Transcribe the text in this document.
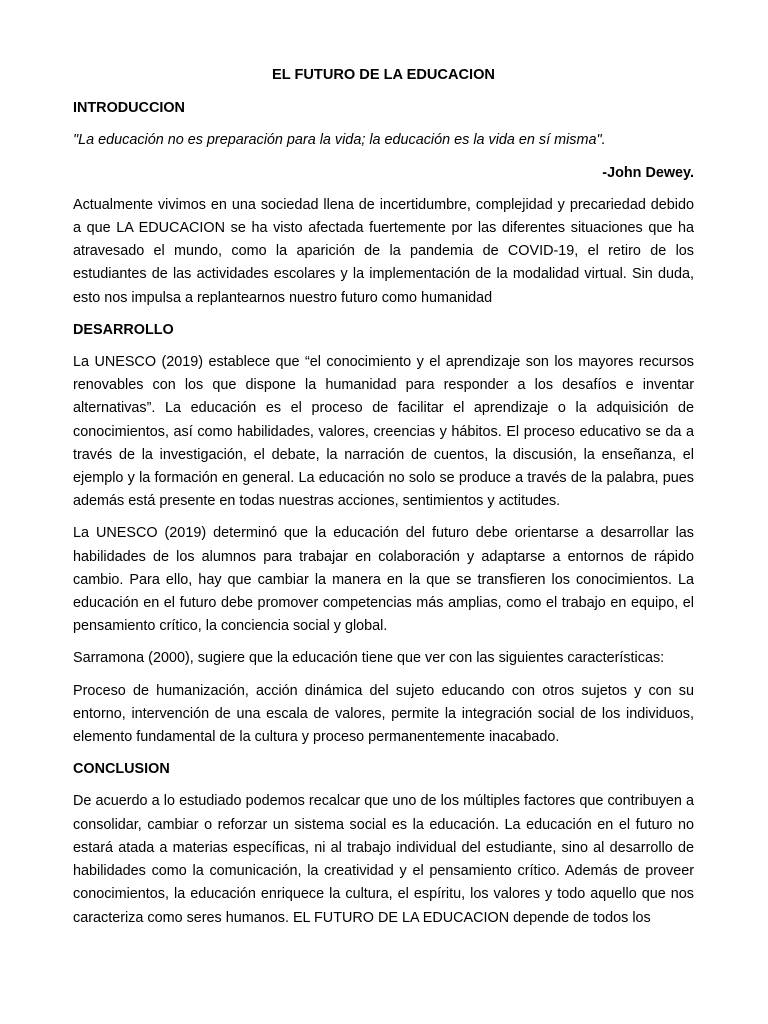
EL FUTURO DE LA EDUCACION
INTRODUCCION
"La educación no es preparación para la vida; la educación es la vida en sí misma".
-John Dewey.
Actualmente vivimos en una sociedad llena de incertidumbre, complejidad y precariedad debido a que LA EDUCACION se ha visto afectada fuertemente por las diferentes situaciones que ha atravesado el mundo, como la aparición de la pandemia de COVID-19, el retiro de los estudiantes de las actividades escolares y la implementación de la modalidad virtual. Sin duda, esto nos impulsa a replantearnos nuestro futuro como humanidad
DESARROLLO
La UNESCO (2019) establece que “el conocimiento y el aprendizaje son los mayores recursos renovables con los que dispone la humanidad para responder a los desafíos e inventar alternativas”. La educación es el proceso de facilitar el aprendizaje o la adquisición de conocimientos, así como habilidades, valores, creencias y hábitos. El proceso educativo se da a través de la investigación, el debate, la narración de cuentos, la discusión, la enseñanza, el ejemplo y la formación en general. La educación no solo se produce a través de la palabra, pues además está presente en todas nuestras acciones, sentimientos y actitudes.
La UNESCO (2019) determinó que la educación del futuro debe orientarse a desarrollar las habilidades de los alumnos para trabajar en colaboración y adaptarse a entornos de rápido cambio. Para ello, hay que cambiar la manera en la que se transfieren los conocimientos. La educación en el futuro debe promover competencias más amplias, como el trabajo en equipo, el pensamiento crítico, la conciencia social y global.
Sarramona (2000), sugiere que la educación tiene que ver con las siguientes características:
Proceso de humanización, acción dinámica del sujeto educando con otros sujetos y con su entorno, intervención de una escala de valores, permite la integración social de los individuos, elemento fundamental de la cultura y proceso permanentemente inacabado.
CONCLUSION
De acuerdo a lo estudiado podemos recalcar que uno de los múltiples factores que contribuyen a consolidar, cambiar o reforzar un sistema social es la educación. La educación en el futuro no estará atada a materias específicas, ni al trabajo individual del estudiante, sino al desarrollo de habilidades como la comunicación, la creatividad y el pensamiento crítico. Además de proveer conocimientos, la educación enriquece la cultura, el espíritu, los valores y todo aquello que nos caracteriza como seres humanos. EL FUTURO DE LA EDUCACION depende de todos los
